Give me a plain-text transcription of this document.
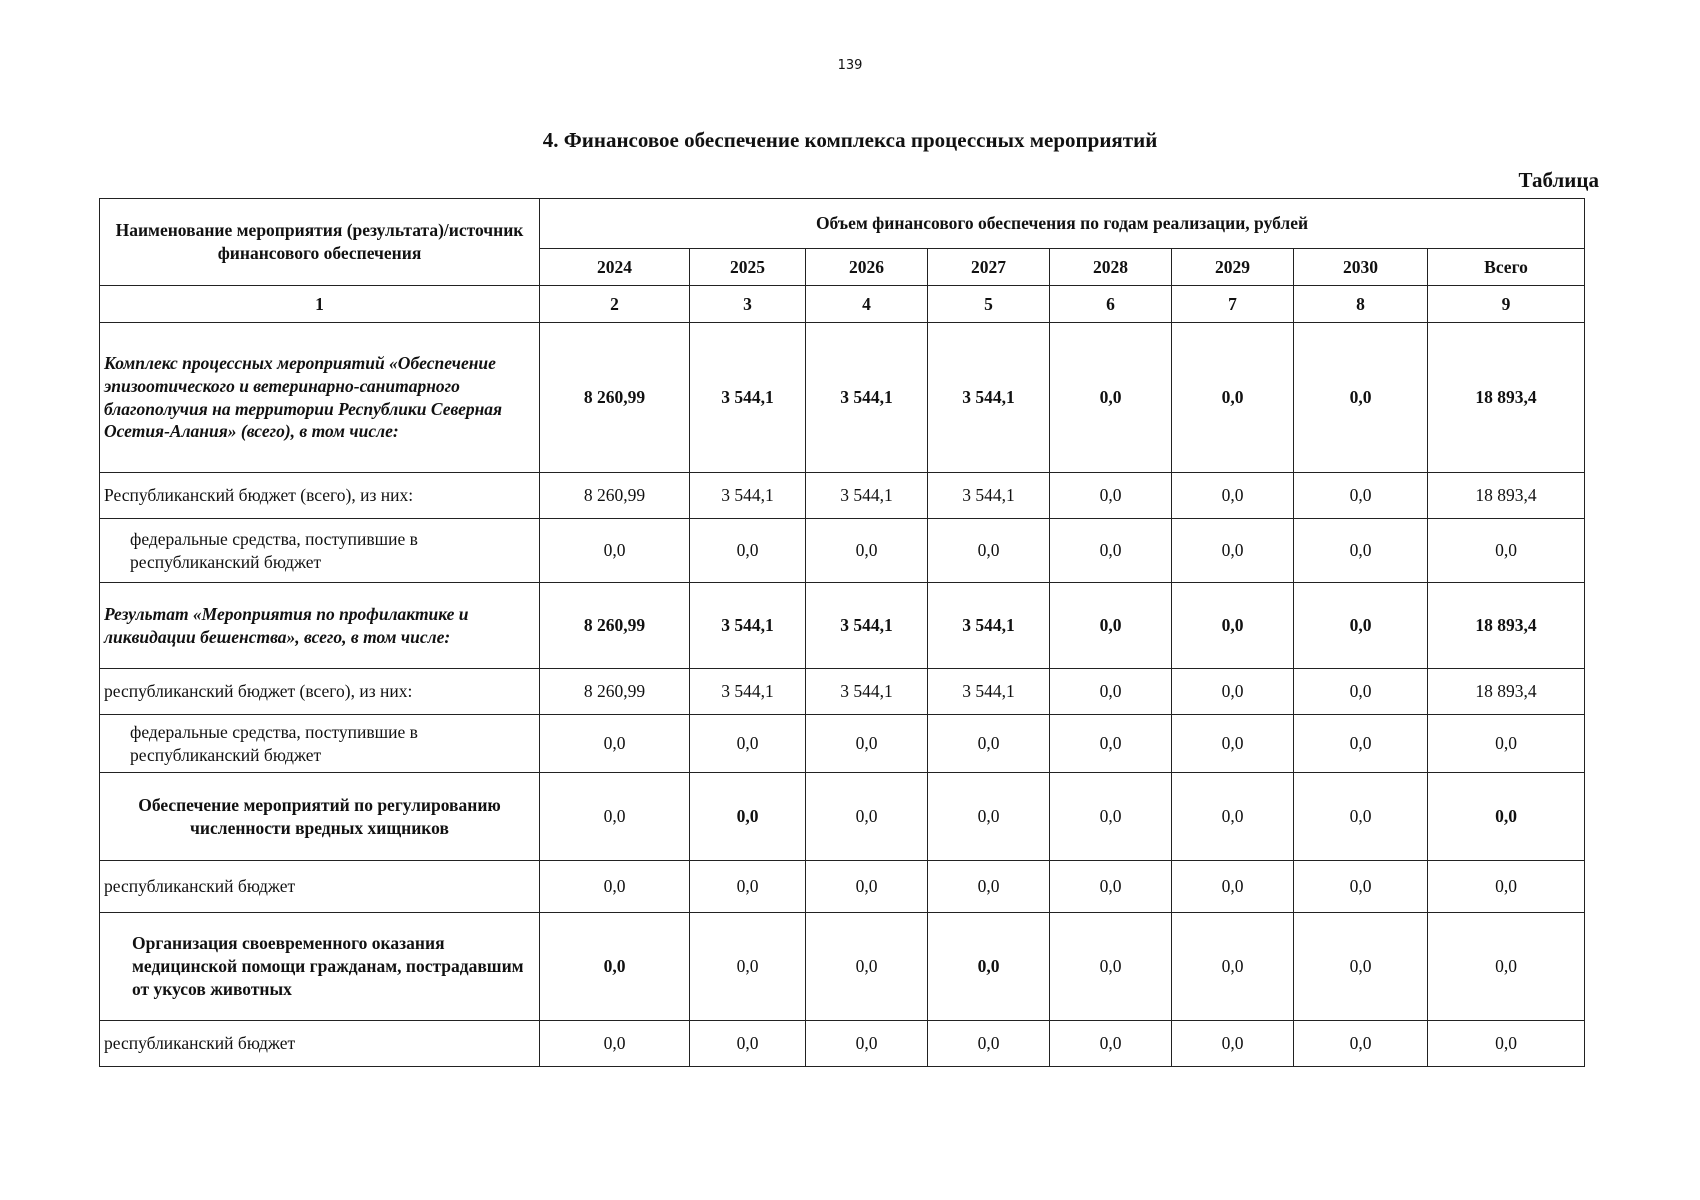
139
4. Финансовое обеспечение комплекса процессных мероприятий
Таблица
Наименование мероприятия (результата)/источник финансового обеспечения	Объем финансового обеспечения по годам реализации, рублей							
	2024	2025	2026	2027	2028	2029	2030	Всего
1	2	3	4	5	6	7	8	9
Комплекс процессных мероприятий «Обеспечение эпизоотического и ветеринарно-санитарного благополучия на территории Республики Северная Осетия-Алания» (всего), в том числе:	8 260,99	3 544,1	3 544,1	3 544,1	0,0	0,0	0,0	18 893,4
Республиканский бюджет (всего), из них:	8 260,99	3 544,1	3 544,1	3 544,1	0,0	0,0	0,0	18 893,4
федеральные средства, поступившие в республиканский бюджет	0,0	0,0	0,0	0,0	0,0	0,0	0,0	0,0
Результат «Мероприятия по профилактике и ликвидации бешенства», всего, в том числе:	8 260,99	3 544,1	3 544,1	3 544,1	0,0	0,0	0,0	18 893,4
республиканский бюджет (всего), из них:	8 260,99	3 544,1	3 544,1	3 544,1	0,0	0,0	0,0	18 893,4
федеральные средства, поступившие в республиканский бюджет	0,0	0,0	0,0	0,0	0,0	0,0	0,0	0,0
Обеспечение мероприятий по регулированию численности вредных хищников	0,0	0,0	0,0	0,0	0,0	0,0	0,0	0,0
республиканский бюджет	0,0	0,0	0,0	0,0	0,0	0,0	0,0	0,0
Организация своевременного оказания медицинской помощи гражданам, пострадавшим от укусов животных	0,0	0,0	0,0	0,0	0,0	0,0	0,0	0,0
республиканский бюджет	0,0	0,0	0,0	0,0	0,0	0,0	0,0	0,0
